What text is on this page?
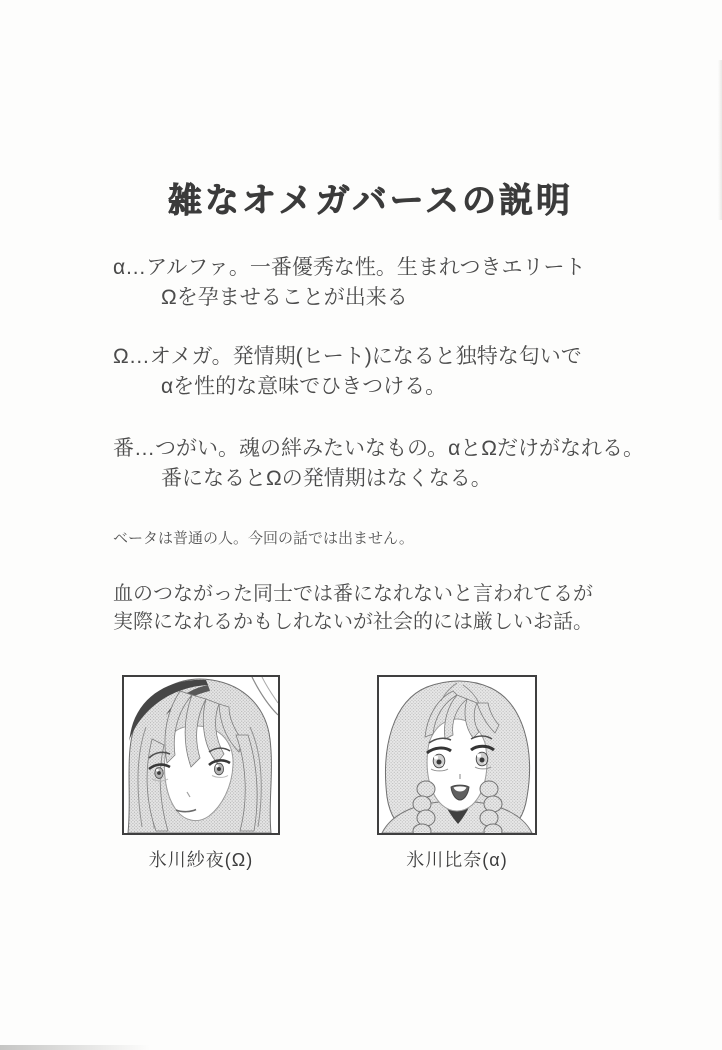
雑なオメガバースの説明
α…アルファ。一番優秀な性。生まれつきエリート
Ωを孕ませることが出来る
Ω…オメガ。発情期(ヒート)になると独特な匂いで
αを性的な意味でひきつける。
番…つがい。魂の絆みたいなもの。αとΩだけがなれる。
番になるとΩの発情期はなくなる。
ベータは普通の人。今回の話では出ません。
血のつながった同士では番になれないと言われてるが
実際になれるかもしれないが社会的には厳しいお話。
氷川紗夜(Ω)	氷川比奈(α)
